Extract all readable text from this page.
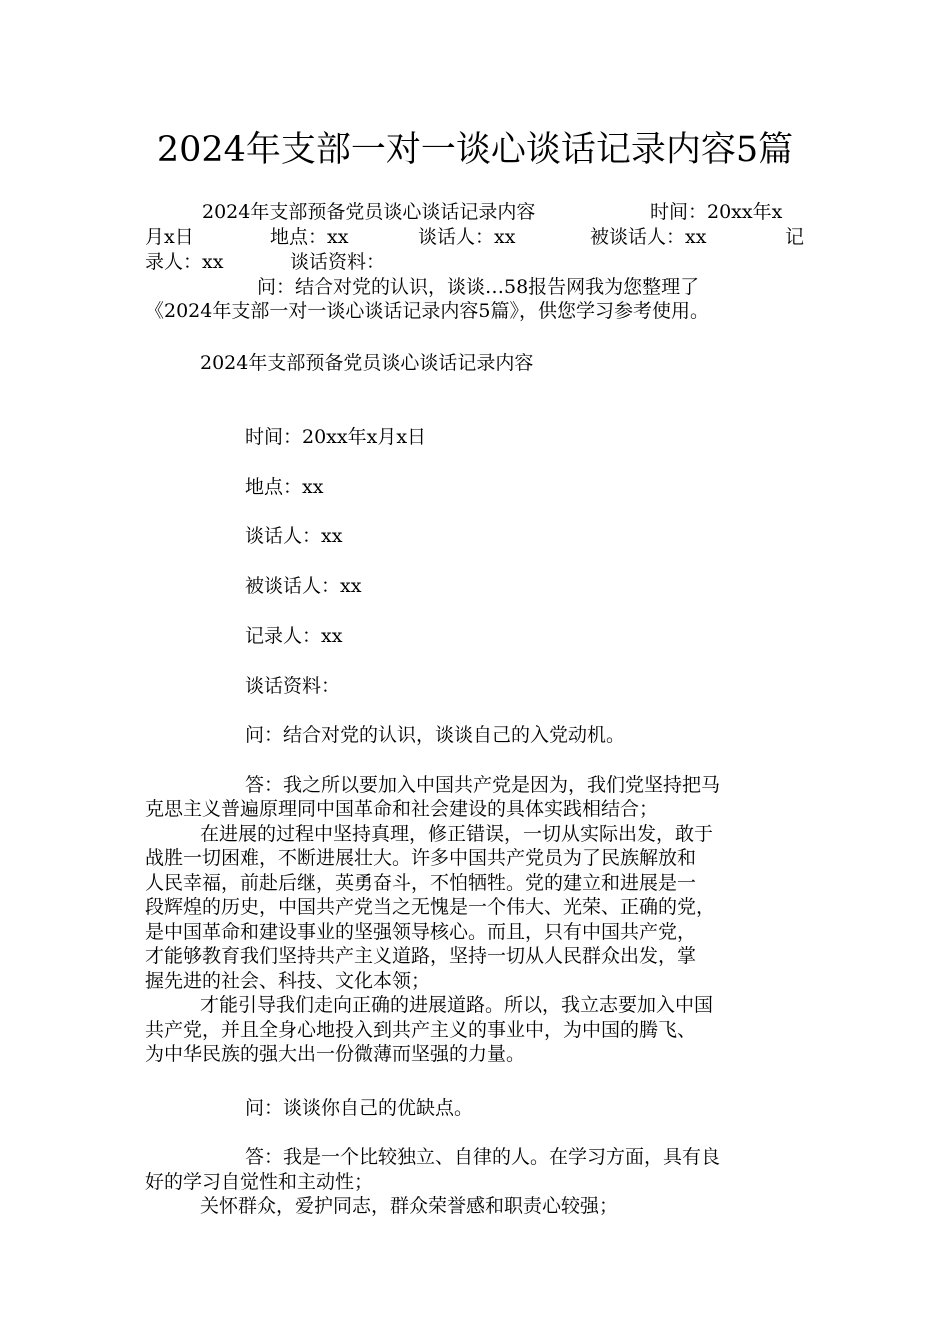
2024年支部一对一谈心谈话记录内容5篇
2024年支部预备党员谈心谈话记录内容	时间：20xx年x
月x日	地点：xx	谈话人：xx	被谈话人：xx	记
录人：xx	谈话资料：
问：结合对党的认识，谈谈…58报告网我为您整理了
《2024年支部一对一谈心谈话记录内容5篇》，供您学习参考使用。
2024年支部预备党员谈心谈话记录内容
时间：20xx年x月x日
地点：xx
谈话人：xx
被谈话人：xx
记录人：xx
谈话资料：
问：结合对党的认识，谈谈自己的入党动机。
答：我之所以要加入中国共产党是因为，我们党坚持把马
克思主义普遍原理同中国革命和社会建设的具体实践相结合；
在进展的过程中坚持真理，修正错误，一切从实际出发，敢于
战胜一切困难，不断进展壮大。许多中国共产党员为了民族解放和
人民幸福，前赴后继，英勇奋斗，不怕牺牲。党的建立和进展是一
段辉煌的历史，中国共产党当之无愧是一个伟大、光荣、正确的党，
是中国革命和建设事业的坚强领导核心。而且，只有中国共产党，
才能够教育我们坚持共产主义道路，坚持一切从人民群众出发，掌
握先进的社会、科技、文化本领；
才能引导我们走向正确的进展道路。所以，我立志要加入中国
共产党，并且全身心地投入到共产主义的事业中，为中国的腾飞、
为中华民族的强大出一份微薄而坚强的力量。
问：谈谈你自己的优缺点。
答：我是一个比较独立、自律的人。在学习方面，具有良
好的学习自觉性和主动性；
关怀群众，爱护同志，群众荣誉感和职责心较强；
